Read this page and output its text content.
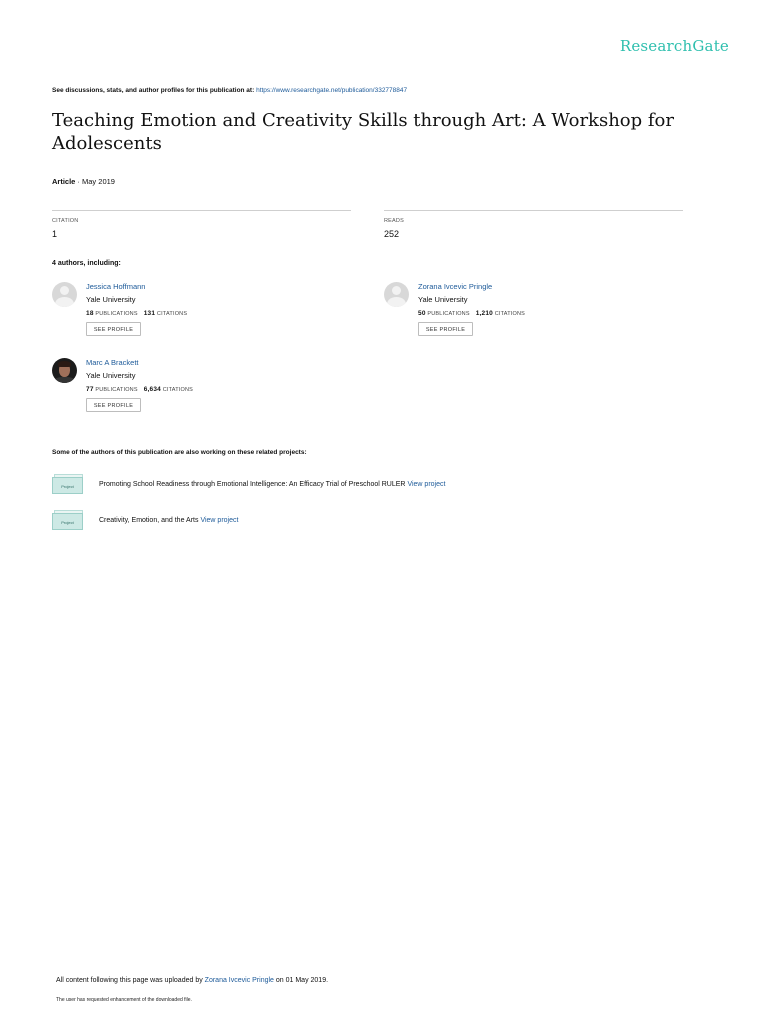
ResearchGate
See discussions, stats, and author profiles for this publication at: https://www.researchgate.net/publication/332778847
Teaching Emotion and Creativity Skills through Art: A Workshop for Adolescents
Article · May 2019
CITATION
1
READS
252
4 authors, including:
Jessica Hoffmann
Yale University
18 PUBLICATIONS 131 CITATIONS
SEE PROFILE
Zorana Ivcevic Pringle
Yale University
50 PUBLICATIONS 1,210 CITATIONS
SEE PROFILE
Marc A Brackett
Yale University
77 PUBLICATIONS 6,634 CITATIONS
SEE PROFILE
Some of the authors of this publication are also working on these related projects:
Project	Promoting School Readiness through Emotional Intelligence: An Efficacy Trial of Preschool RULER View project
Project	Creativity, Emotion, and the Arts View project
All content following this page was uploaded by Zorana Ivcevic Pringle on 01 May 2019.
The user has requested enhancement of the downloaded file.
